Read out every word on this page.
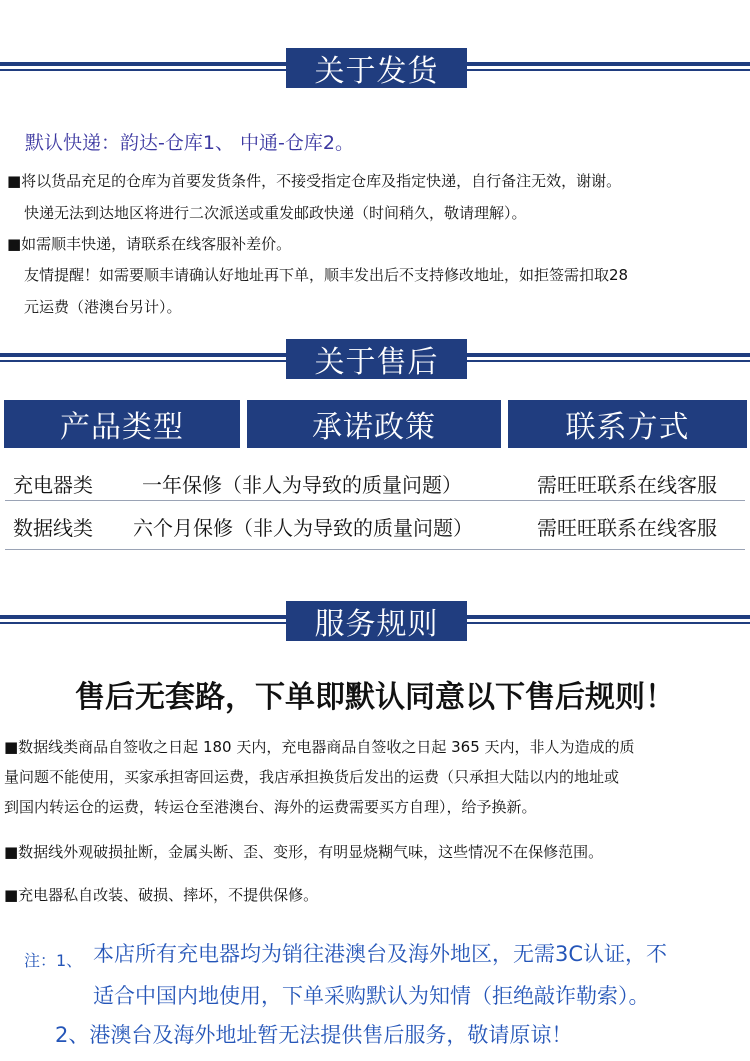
关于发货
默认快递：韵达-仓库1、 中通-仓库2。
■将以货品充足的仓库为首要发货条件，不接受指定仓库及指定快递，自行备注无效，谢谢。
快递无法到达地区将进行二次派送或重发邮政快递（时间稍久，敬请理解）。
■如需顺丰快递，请联系在线客服补差价。
友情提醒！如需要顺丰请确认好地址再下单，顺丰发出后不支持修改地址，如拒签需扣取28
元运费（港澳台另计）。
关于售后
产品类型	承诺政策	联系方式
充电器类 一年保修（非人为导致的质量问题）	需旺旺联系在线客服
数据线类 六个月保修（非人为导致的质量问题）	需旺旺联系在线客服
服务规则
售后无套路，下单即默认同意以下售后规则！
■数据线类商品自签收之日起 180 天内，充电器商品自签收之日起 365 天内，非人为造成的质
量问题不能使用，买家承担寄回运费，我店承担换货后发出的运费（只承担大陆以内的地址或
到国内转运仓的运费，转运仓至港澳台、海外的运费需要买方自理），给予换新。
■数据线外观破损扯断，金属头断、歪、变形，有明显烧糊气味，这些情况不在保修范围。
■充电器私自改装、破损、摔坏，不提供保修。
注：1、 本店所有充电器均为销往港澳台及海外地区，无需3C认证，不
适合中国内地使用，下单采购默认为知情（拒绝敲诈勒索）。
2、港澳台及海外地址暂无法提供售后服务，敬请原谅！
